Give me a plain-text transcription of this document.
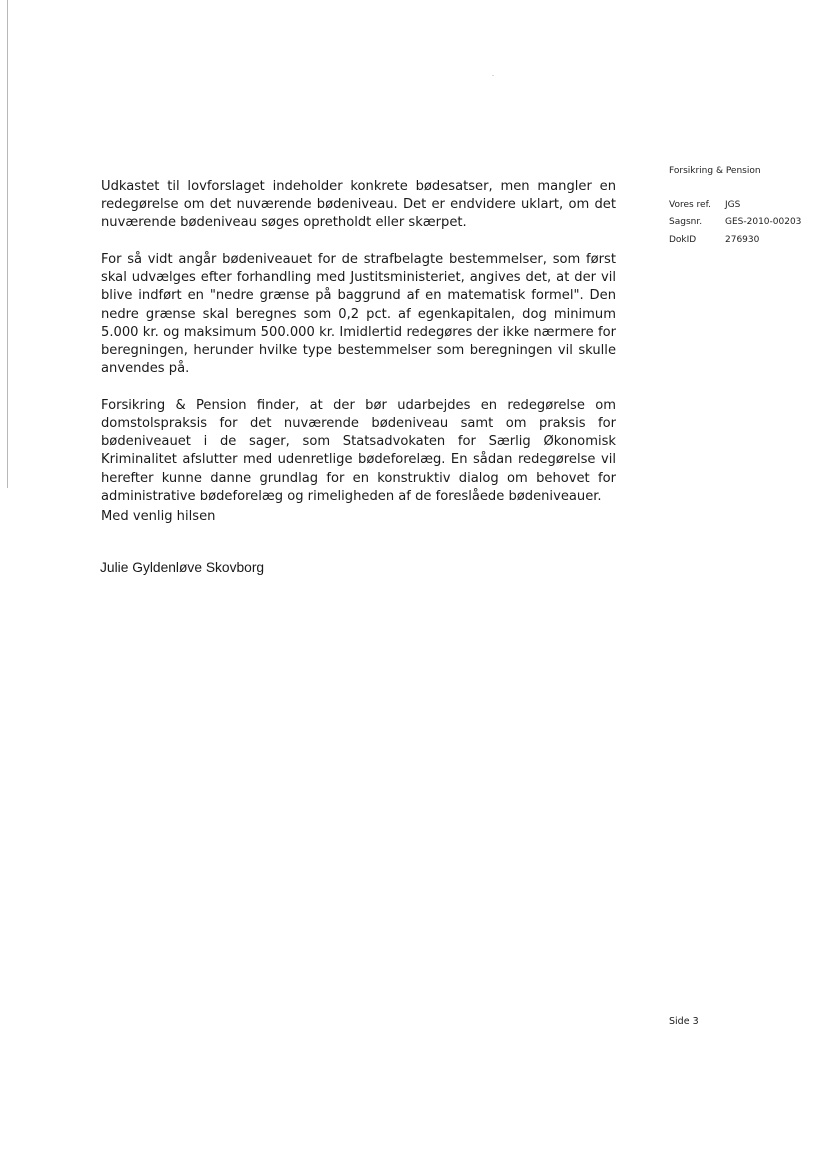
Forsikring & Pension
Vores ref.	JGS
Sagsnr.	GES-2010-00203
DokID	276930

Udkastet til lovforslaget indeholder konkrete bødesatser, men mangler en redegørelse om det nuværende bødeniveau. Det er endvidere uklart, om det nuværende bødeniveau søges opretholdt eller skærpet.

For så vidt angår bødeniveauet for de strafbelagte bestemmelser, som først skal udvælges efter forhandling med Justitsministeriet, angives det, at der vil blive indført en "nedre grænse på baggrund af en matematisk formel". Den nedre grænse skal beregnes som 0,2 pct. af egenkapitalen, dog minimum 5.000 kr. og maksimum 500.000 kr. Imidlertid redegøres der ikke nærmere for beregningen, herunder hvilke type bestemmelser som beregningen vil skulle anvendes på.

Forsikring & Pension finder, at der bør udarbejdes en redegørelse om domstolspraksis for det nuværende bødeniveau samt om praksis for bødeniveauet i de sager, som Statsadvokaten for Særlig Økonomisk Kriminalitet afslutter med udenretlige bødeforelæg. En sådan redegørelse vil herefter kunne danne grundlag for en konstruktiv dialog om behovet for administrative bødeforelæg og rimeligheden af de foreslåede bødeniveauer.

Med venlig hilsen
Julie Gyldenløve Skovborg
Side 3
